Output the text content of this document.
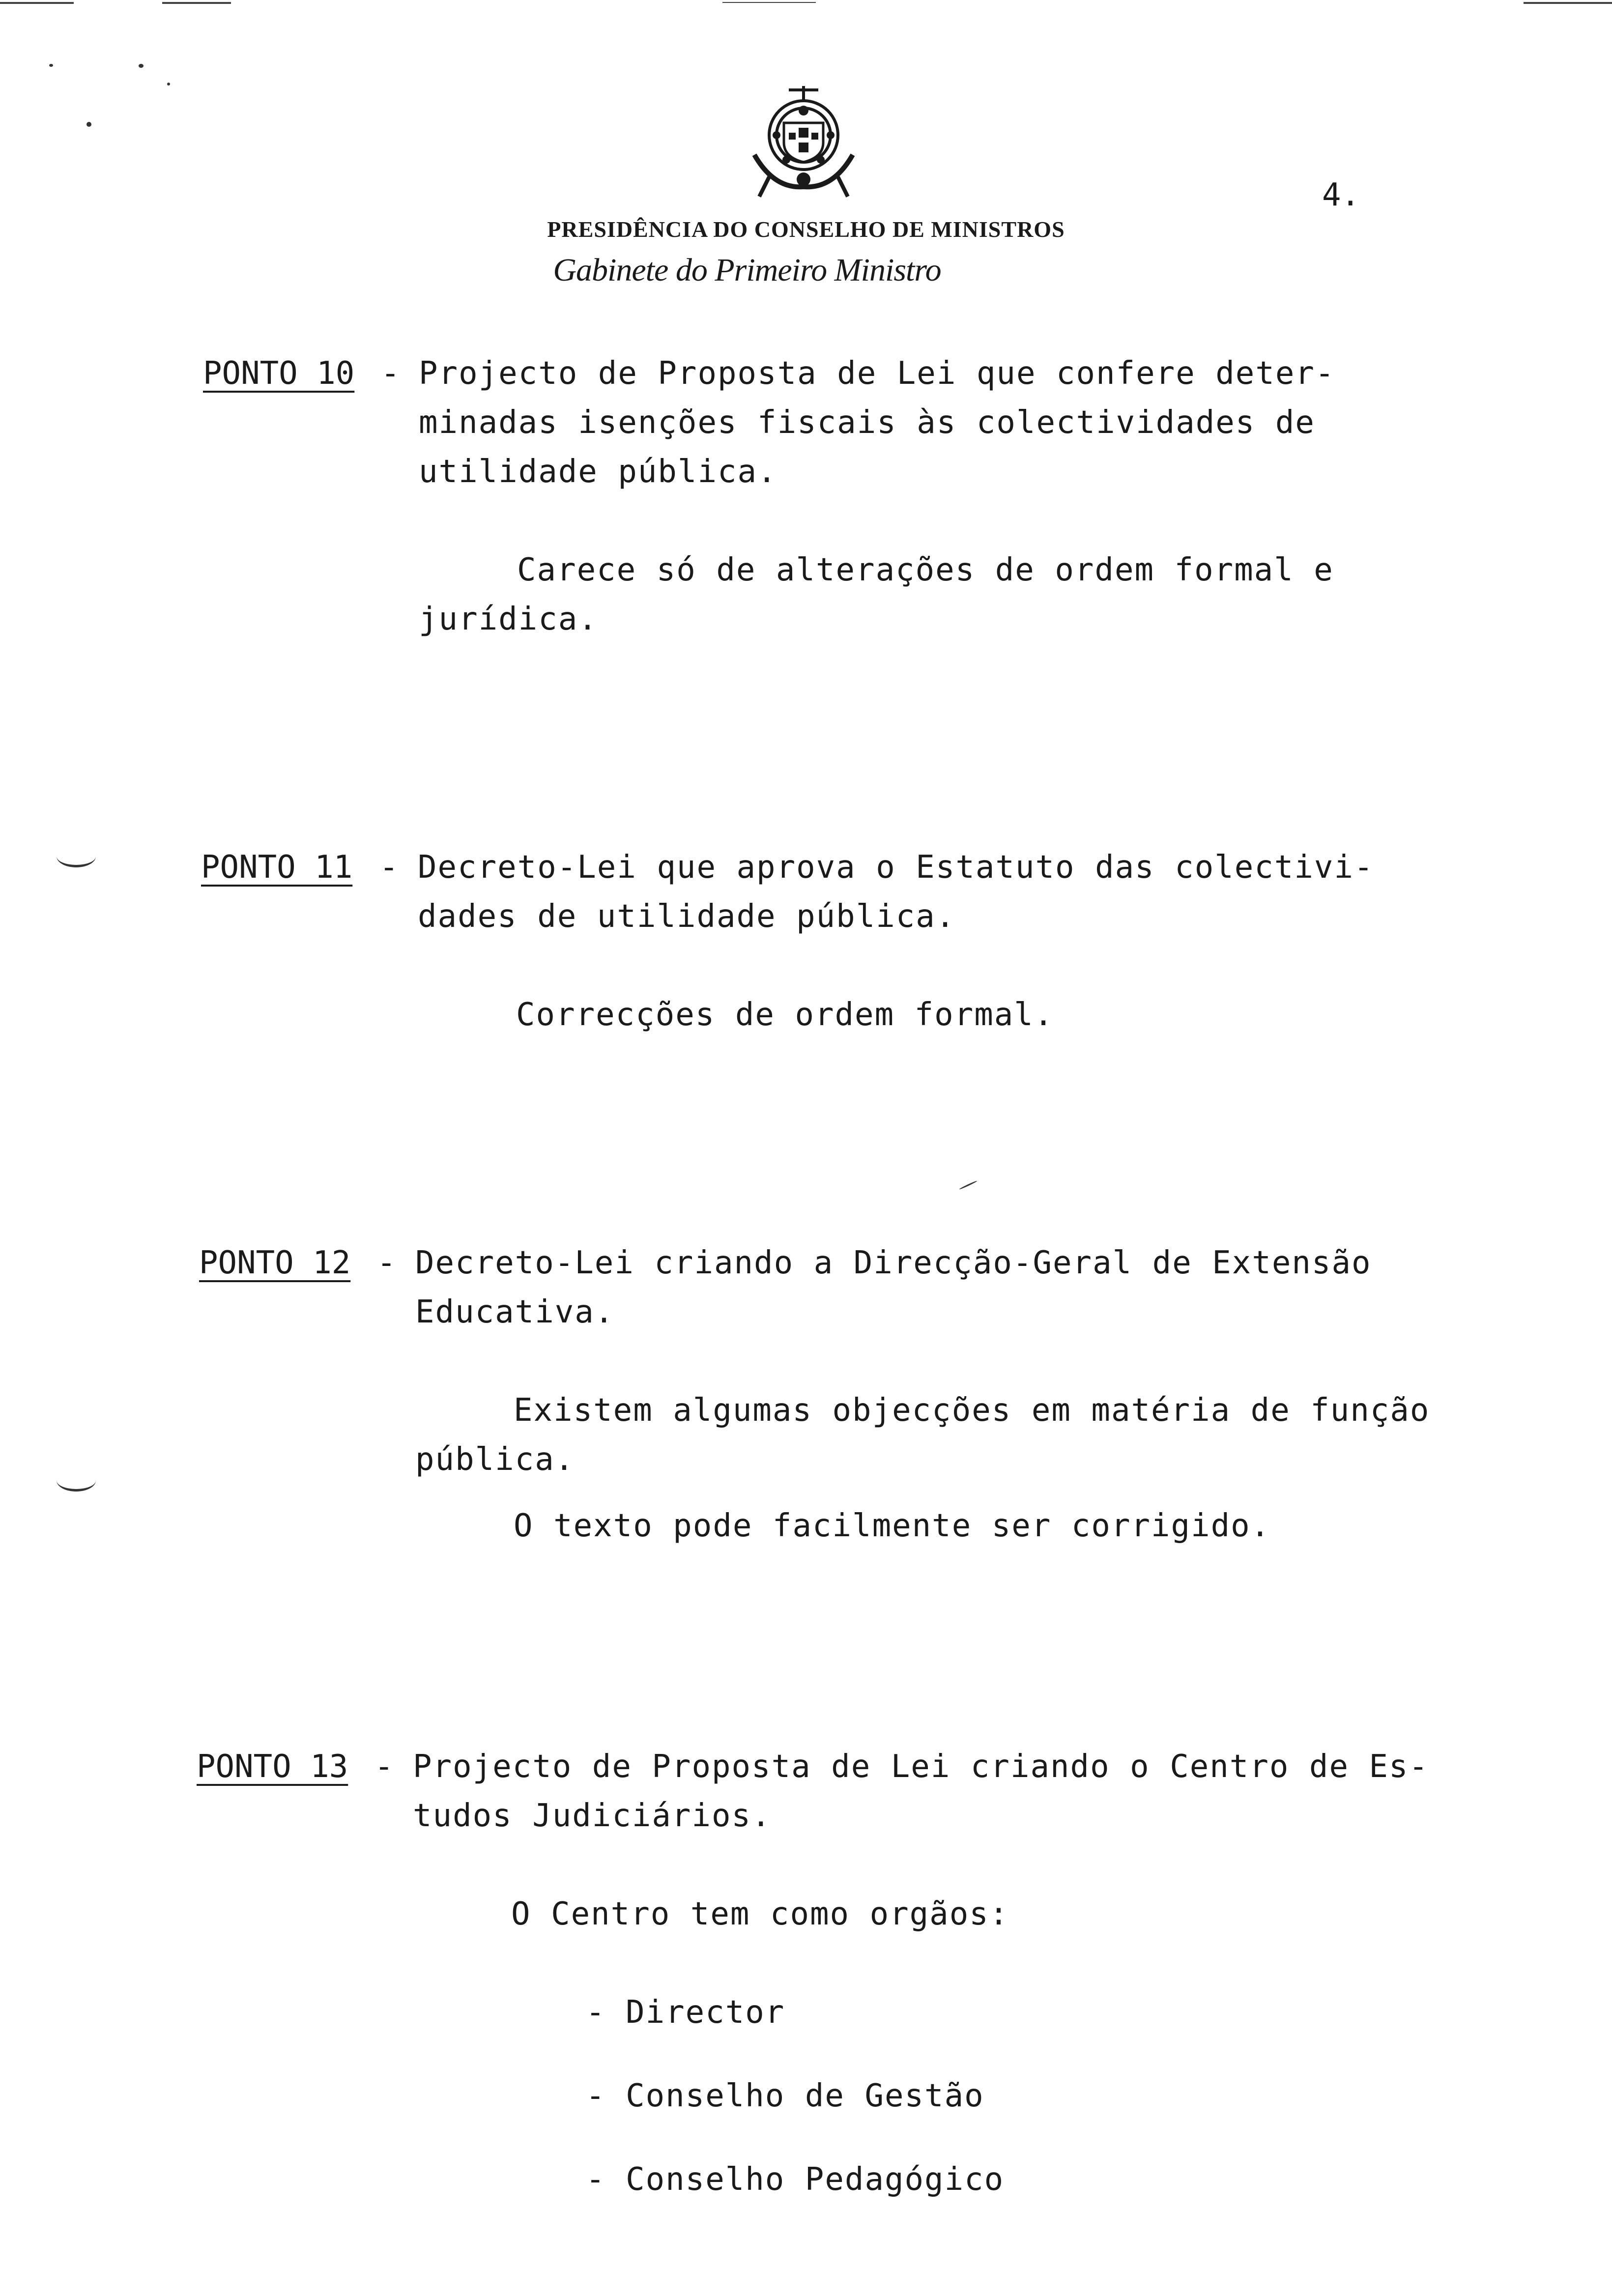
PRESIDÊNCIA DO CONSELHO DE MINISTROS
Gabinete do Primeiro Ministro
4.
PONTO 10 - Projecto de Proposta de Lei que confere deter-
minadas isenções fiscais às colectividades de
utilidade pública.
Carece só de alterações de ordem formal e
jurídica.
PONTO 11 - Decreto-Lei que aprova o Estatuto das colectivi-
dades de utilidade pública.
Correcções de ordem formal.
PONTO 12 - Decreto-Lei criando a Direcção-Geral de Extensão
Educativa.
Existem algumas objecções em matéria de função
pública.
O texto pode facilmente ser corrigido.
PONTO 13 - Projecto de Proposta de Lei criando o Centro de Es-
tudos Judiciários.
O Centro tem como orgãos:
- Director
- Conselho de Gestão
- Conselho Pedagógico
